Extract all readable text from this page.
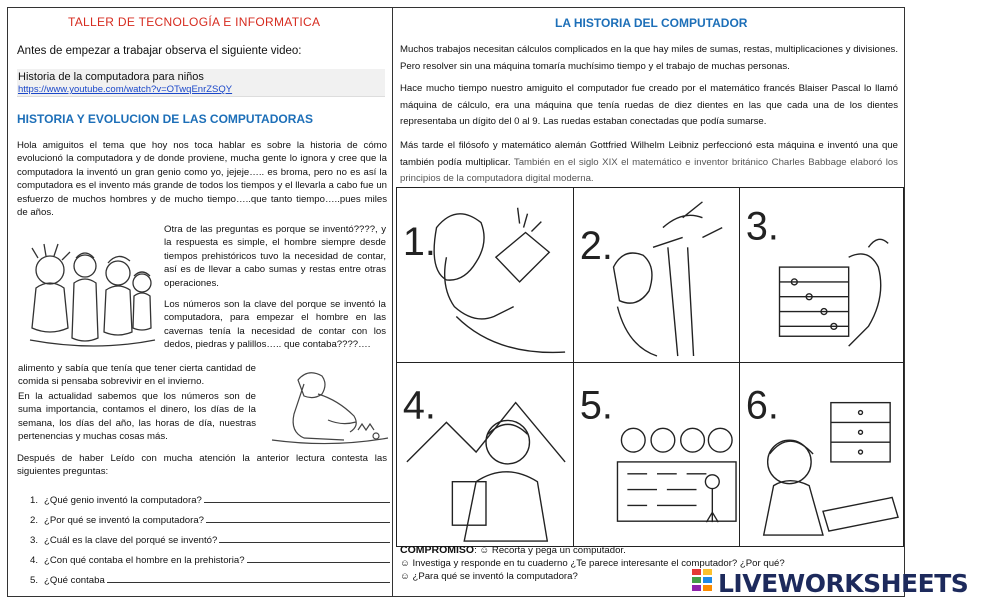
TALLER DE TECNOLOGÍA E INFORMATICA
Antes de empezar a trabajar observa el siguiente video:
Historia de la computadora para niños
https://www.youtube.com/watch?v=OTwqEnrZSQY
HISTORIA Y EVOLUCION DE LAS COMPUTADORAS

Hola amiguitos el tema que hoy nos toca hablar es sobre la historia de cómo evolucionó la computadora y de donde proviene, mucha gente lo ignora y cree que la computadora la inventó un gran genio como yo, jejeje….. es broma, pero no es así la computadora es el invento más grande de todos los tiempos y el llevarla a cabo fue un esfuerzo de muchos hombres y de mucho tiempo…..que tanto tiempo…..pues miles de años.

Otra de las preguntas es porque se inventó????, y la respuesta es simple, el hombre siempre desde tiempos prehistóricos tuvo la necesidad de contar, así es de llevar a cabo sumas y restas entre otras operaciones.

Los números son la clave del porque se inventó la computadora, para empezar el hombre en las cavernas tenía la necesidad de contar con los dedos, piedras y palillos….. que contaba????….

alimento y sabía que tenía que tener cierta cantidad de comida si pensaba sobrevivir en el invierno.

En la actualidad sabemos que los números son de suma importancia, contamos el dinero, los días de la semana, los días del año, las horas de día, nuestras pertenencias y muchas cosas más.

Después de haber Leído con mucha atención la anterior lectura contesta las siguientes preguntas:

1. ¿Qué genio inventó la computadora?
2. ¿Por qué se inventó la computadora?
3. ¿Cuál es la clave del porqué se inventó?
4. ¿Con qué contaba el hombre en la prehistoria?
5. ¿Qué contaba
LA HISTORIA DEL COMPUTADOR

Muchos trabajos necesitan cálculos complicados en la que hay miles de sumas, restas, multiplicaciones y divisiones. Pero resolver sin una máquina tomaría muchísimo tiempo y el trabajo de muchas personas.

Hace mucho tiempo nuestro amiguito el computador fue creado por el matemático francés Blaiser Pascal lo llamó máquina de cálculo, era una máquina que tenía ruedas de diez dientes en las que cada una de los dientes representaba un dígito del 0 al 9. Las ruedas estaban conectadas que podía sumarse.

Más tarde el filósofo y matemático alemán Gottfried Wilhelm Leibniz perfeccionó esta máquina e inventó una que también podía multiplicar. También en el siglo XIX el matemático e inventor británico Charles Babbage elaboró los principios de la computadora digital moderna.

1.	2.	3.
4.	5.	6.
COMPROMISO: ☺ Recorta y pega un computador.
☺ Investiga y responde en tu cuaderno ¿Te parece interesante el computador? ¿Por qué?
☺ ¿Para qué se inventó la computadora?	LIVEWORKSHEETS
